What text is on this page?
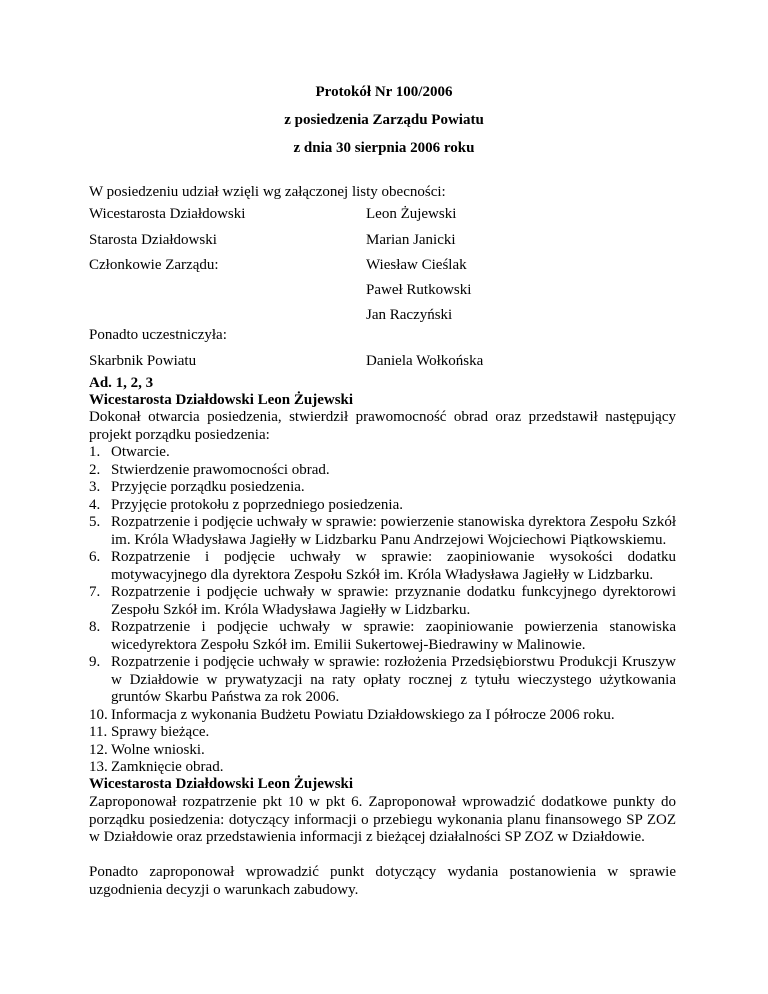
Protokół Nr 100/2006
z posiedzenia Zarządu Powiatu
z dnia 30 sierpnia 2006 roku
W posiedzeniu udział wzięli wg załączonej listy obecności:
Wicestarosta Działdowski	Leon Żujewski
Starosta Działdowski	Marian Janicki
Członkowie Zarządu:	Wiesław Cieślak
Paweł Rutkowski
Jan Raczyński
Ponadto uczestniczyła:
Skarbnik Powiatu	Daniela Wołkońska
Ad. 1, 2, 3
Wicestarosta Działdowski Leon Żujewski
Dokonał otwarcia posiedzenia, stwierdził prawomocność obrad oraz przedstawił następujący projekt porządku posiedzenia:
1. Otwarcie.
2. Stwierdzenie prawomocności obrad.
3. Przyjęcie porządku posiedzenia.
4. Przyjęcie protokołu z poprzedniego posiedzenia.
5. Rozpatrzenie i podjęcie uchwały w sprawie: powierzenie stanowiska dyrektora Zespołu Szkół im. Króla Władysława Jagiełły w Lidzbarku Panu Andrzejowi Wojciechowi Piątkowskiemu.
6. Rozpatrzenie i podjęcie uchwały w sprawie: zaopiniowanie wysokości dodatku motywacyjnego dla dyrektora Zespołu Szkół im. Króla Władysława Jagiełły w Lidzbarku.
7. Rozpatrzenie i podjęcie uchwały w sprawie: przyznanie dodatku funkcyjnego dyrektorowi Zespołu Szkół im. Króla Władysława Jagiełły w Lidzbarku.
8. Rozpatrzenie i podjęcie uchwały w sprawie: zaopiniowanie powierzenia stanowiska wicedyrektora Zespołu Szkół im. Emilii Sukertowej-Biedrawiny w Malinowie.
9. Rozpatrzenie i podjęcie uchwały w sprawie: rozłożenia Przedsiębiorstwu Produkcji Kruszyw w Działdowie w prywatyzacji na raty opłaty rocznej z tytułu wieczystego użytkowania gruntów Skarbu Państwa za rok 2006.
10. Informacja z wykonania Budżetu Powiatu Działdowskiego za I półrocze 2006 roku.
11. Sprawy bieżące.
12. Wolne wnioski.
13. Zamknięcie obrad.
Wicestarosta Działdowski Leon Żujewski
Zaproponował rozpatrzenie pkt 10 w pkt 6. Zaproponował wprowadzić dodatkowe punkty do porządku posiedzenia: dotyczący informacji o przebiegu wykonania planu finansowego SP ZOZ w Działdowie oraz przedstawienia informacji z bieżącej działalności SP ZOZ w Działdowie.
Ponadto zaproponował wprowadzić punkt dotyczący wydania postanowienia w sprawie uzgodnienia decyzji o warunkach zabudowy.
